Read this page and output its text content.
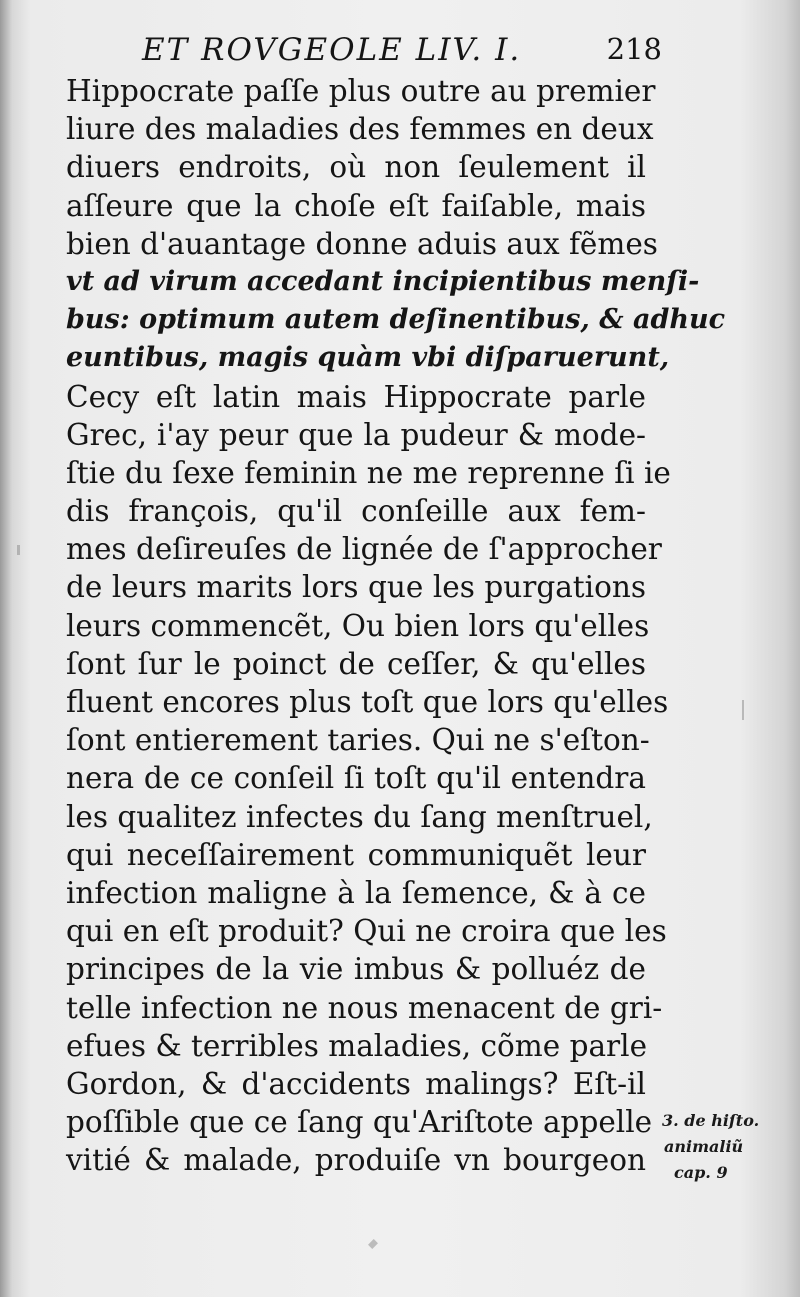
ET ROVGEOLE LIV. I.	218
Hippocrate paſſe plus outre au premier
liure des maladies des femmes en deux
diuers endroits, où non ſeulement il
aſſeure que la choſe eſt faiſable, mais
bien d'auantage donne aduis aux fẽmes
vt ad virum accedant incipientibus menſi-
bus: optimum autem deſinentibus, & adhuc
euntibus, magis quàm vbi diſparuerunt,
Cecy eſt latin mais Hippocrate parle
Grec, i'ay peur que la pudeur & mode-
ſtie du ſexe feminin ne me reprenne ſi ie
dis françois, qu'il conſeille aux fem-
mes deſireuſes de lignée de ſ'approcher
de leurs marits lors que les purgations
leurs commencẽt, Ou bien lors qu'elles
ſont ſur le poinct de ceſſer, & qu'elles
fluent encores plus toſt que lors qu'elles
ſont entierement taries. Qui ne s'eſton-
nera de ce conſeil ſi toſt qu'il entendra
les qualitez infectes du ſang menſtruel,
qui neceſſairement communiquẽt leur
infection maligne à la ſemence, & à ce
qui en eſt produit? Qui ne croira que les
principes de la vie imbus & polluéz de
telle infection ne nous menacent de gri-
efues & terribles maladies, cõme parle
Gordon, & d'accidents malings? Eſt-il
poſſible que ce ſang qu'Ariſtote appelle
vitié & malade, produiſe vn bourgeon
3. de hiſto.
animaliũ
cap. 9
